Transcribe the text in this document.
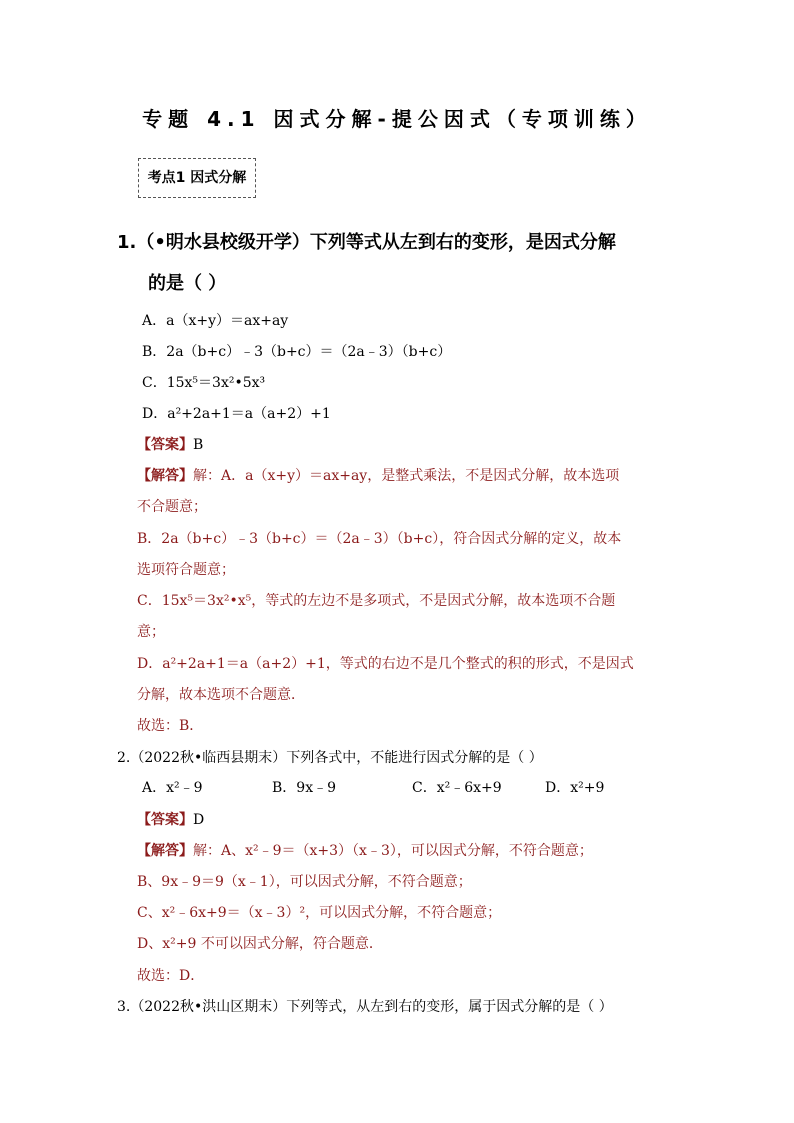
专题 4.1 因式分解-提公因式（专项训练）
考点1 因式分解
1.（•明水县校级开学）下列等式从左到右的变形，是因式分解
的是（ ）
A．a（x+y）＝ax+ay
B．2a（b+c）﹣3（b+c）＝（2a﹣3）（b+c）
C．15x⁵＝3x²•5x³
D．a²+2a+1＝a（a+2）+1
【答案】B
【解答】解：A．a（x+y）＝ax+ay，是整式乘法，不是因式分解，故本选项
不合题意；
B．2a（b+c）﹣3（b+c）＝（2a﹣3）（b+c），符合因式分解的定义，故本
选项符合题意；
C．15x⁵＝3x²•x⁵，等式的左边不是多项式，不是因式分解，故本选项不合题
意；
D．a²+2a+1＝a（a+2）+1，等式的右边不是几个整式的积的形式，不是因式
分解，故本选项不合题意．
故选：B．
2.（2022秋•临西县期末）下列各式中，不能进行因式分解的是（ ）
A．x²﹣9	B．9x﹣9	C．x²﹣6x+9	D．x²+9
【答案】D
【解答】解：A、x²﹣9＝（x+3）（x﹣3），可以因式分解，不符合题意；
B、9x﹣9＝9（x﹣1），可以因式分解，不符合题意；
C、x²﹣6x+9＝（x﹣3）²，可以因式分解，不符合题意；
D、x²+9 不可以因式分解，符合题意．
故选：D．
3.（2022秋•洪山区期末）下列等式，从左到右的变形，属于因式分解的是（ ）
